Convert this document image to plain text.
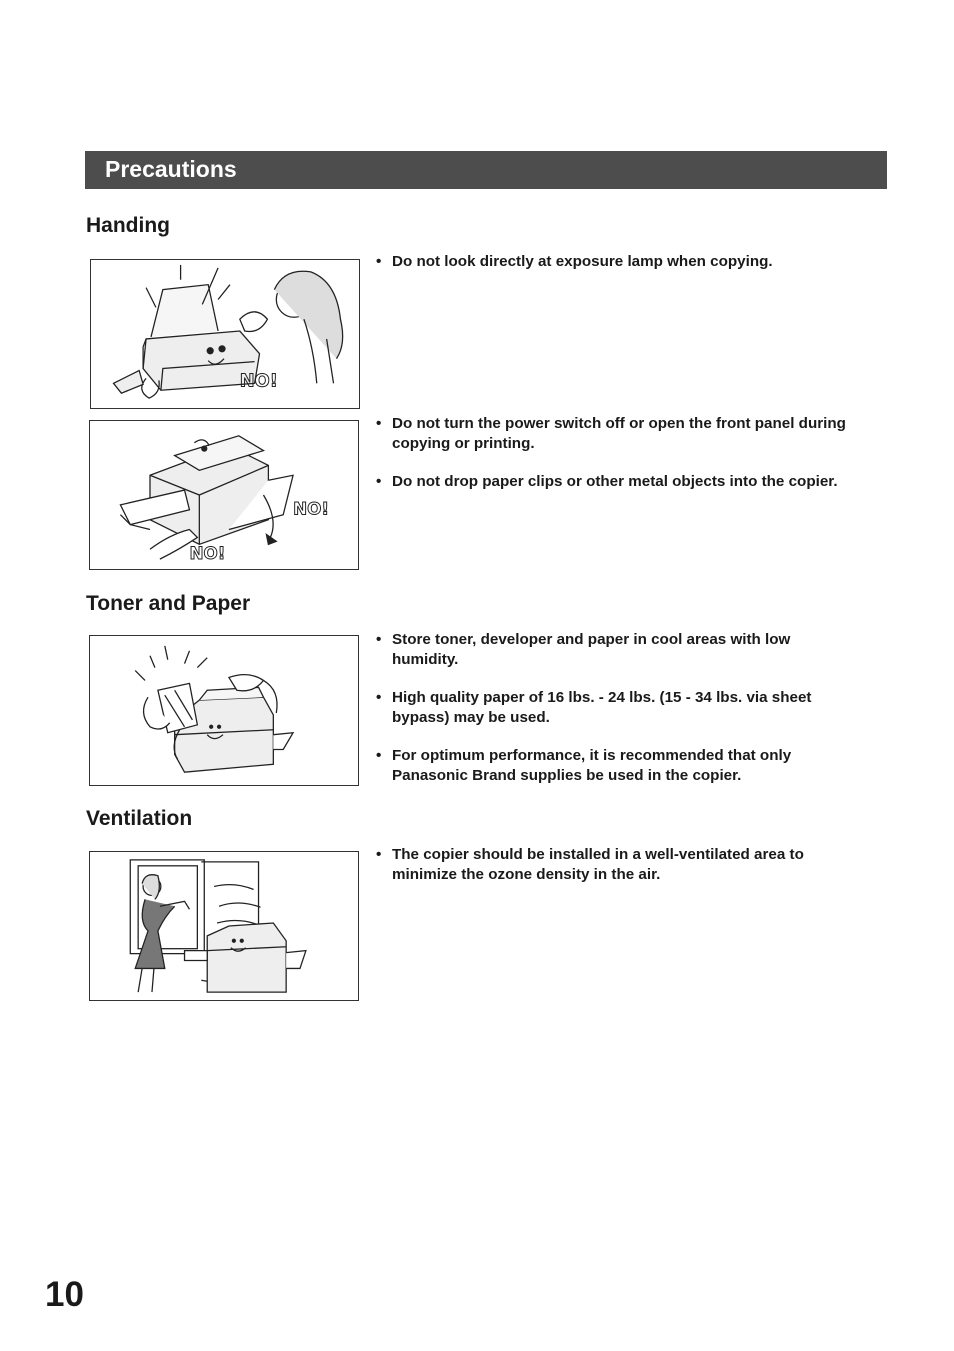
Precautions
Handing
NO!
• Do not look directly at exposure lamp when copying.
NO!
NO!
• Do not turn the power switch off or open the front panel during copying or printing.
• Do not drop paper clips or other metal objects into the copier.
Toner and Paper
• Store toner, developer and paper in cool areas with low humidity.
• High quality paper of 16 lbs. - 24 lbs. (15 - 34 lbs. via sheet bypass) may be used.
• For optimum performance, it is recommended that only Panasonic Brand supplies be used in the copier.
Ventilation
• The copier should be installed in a well-ventilated area to minimize the ozone density in the air.
10
